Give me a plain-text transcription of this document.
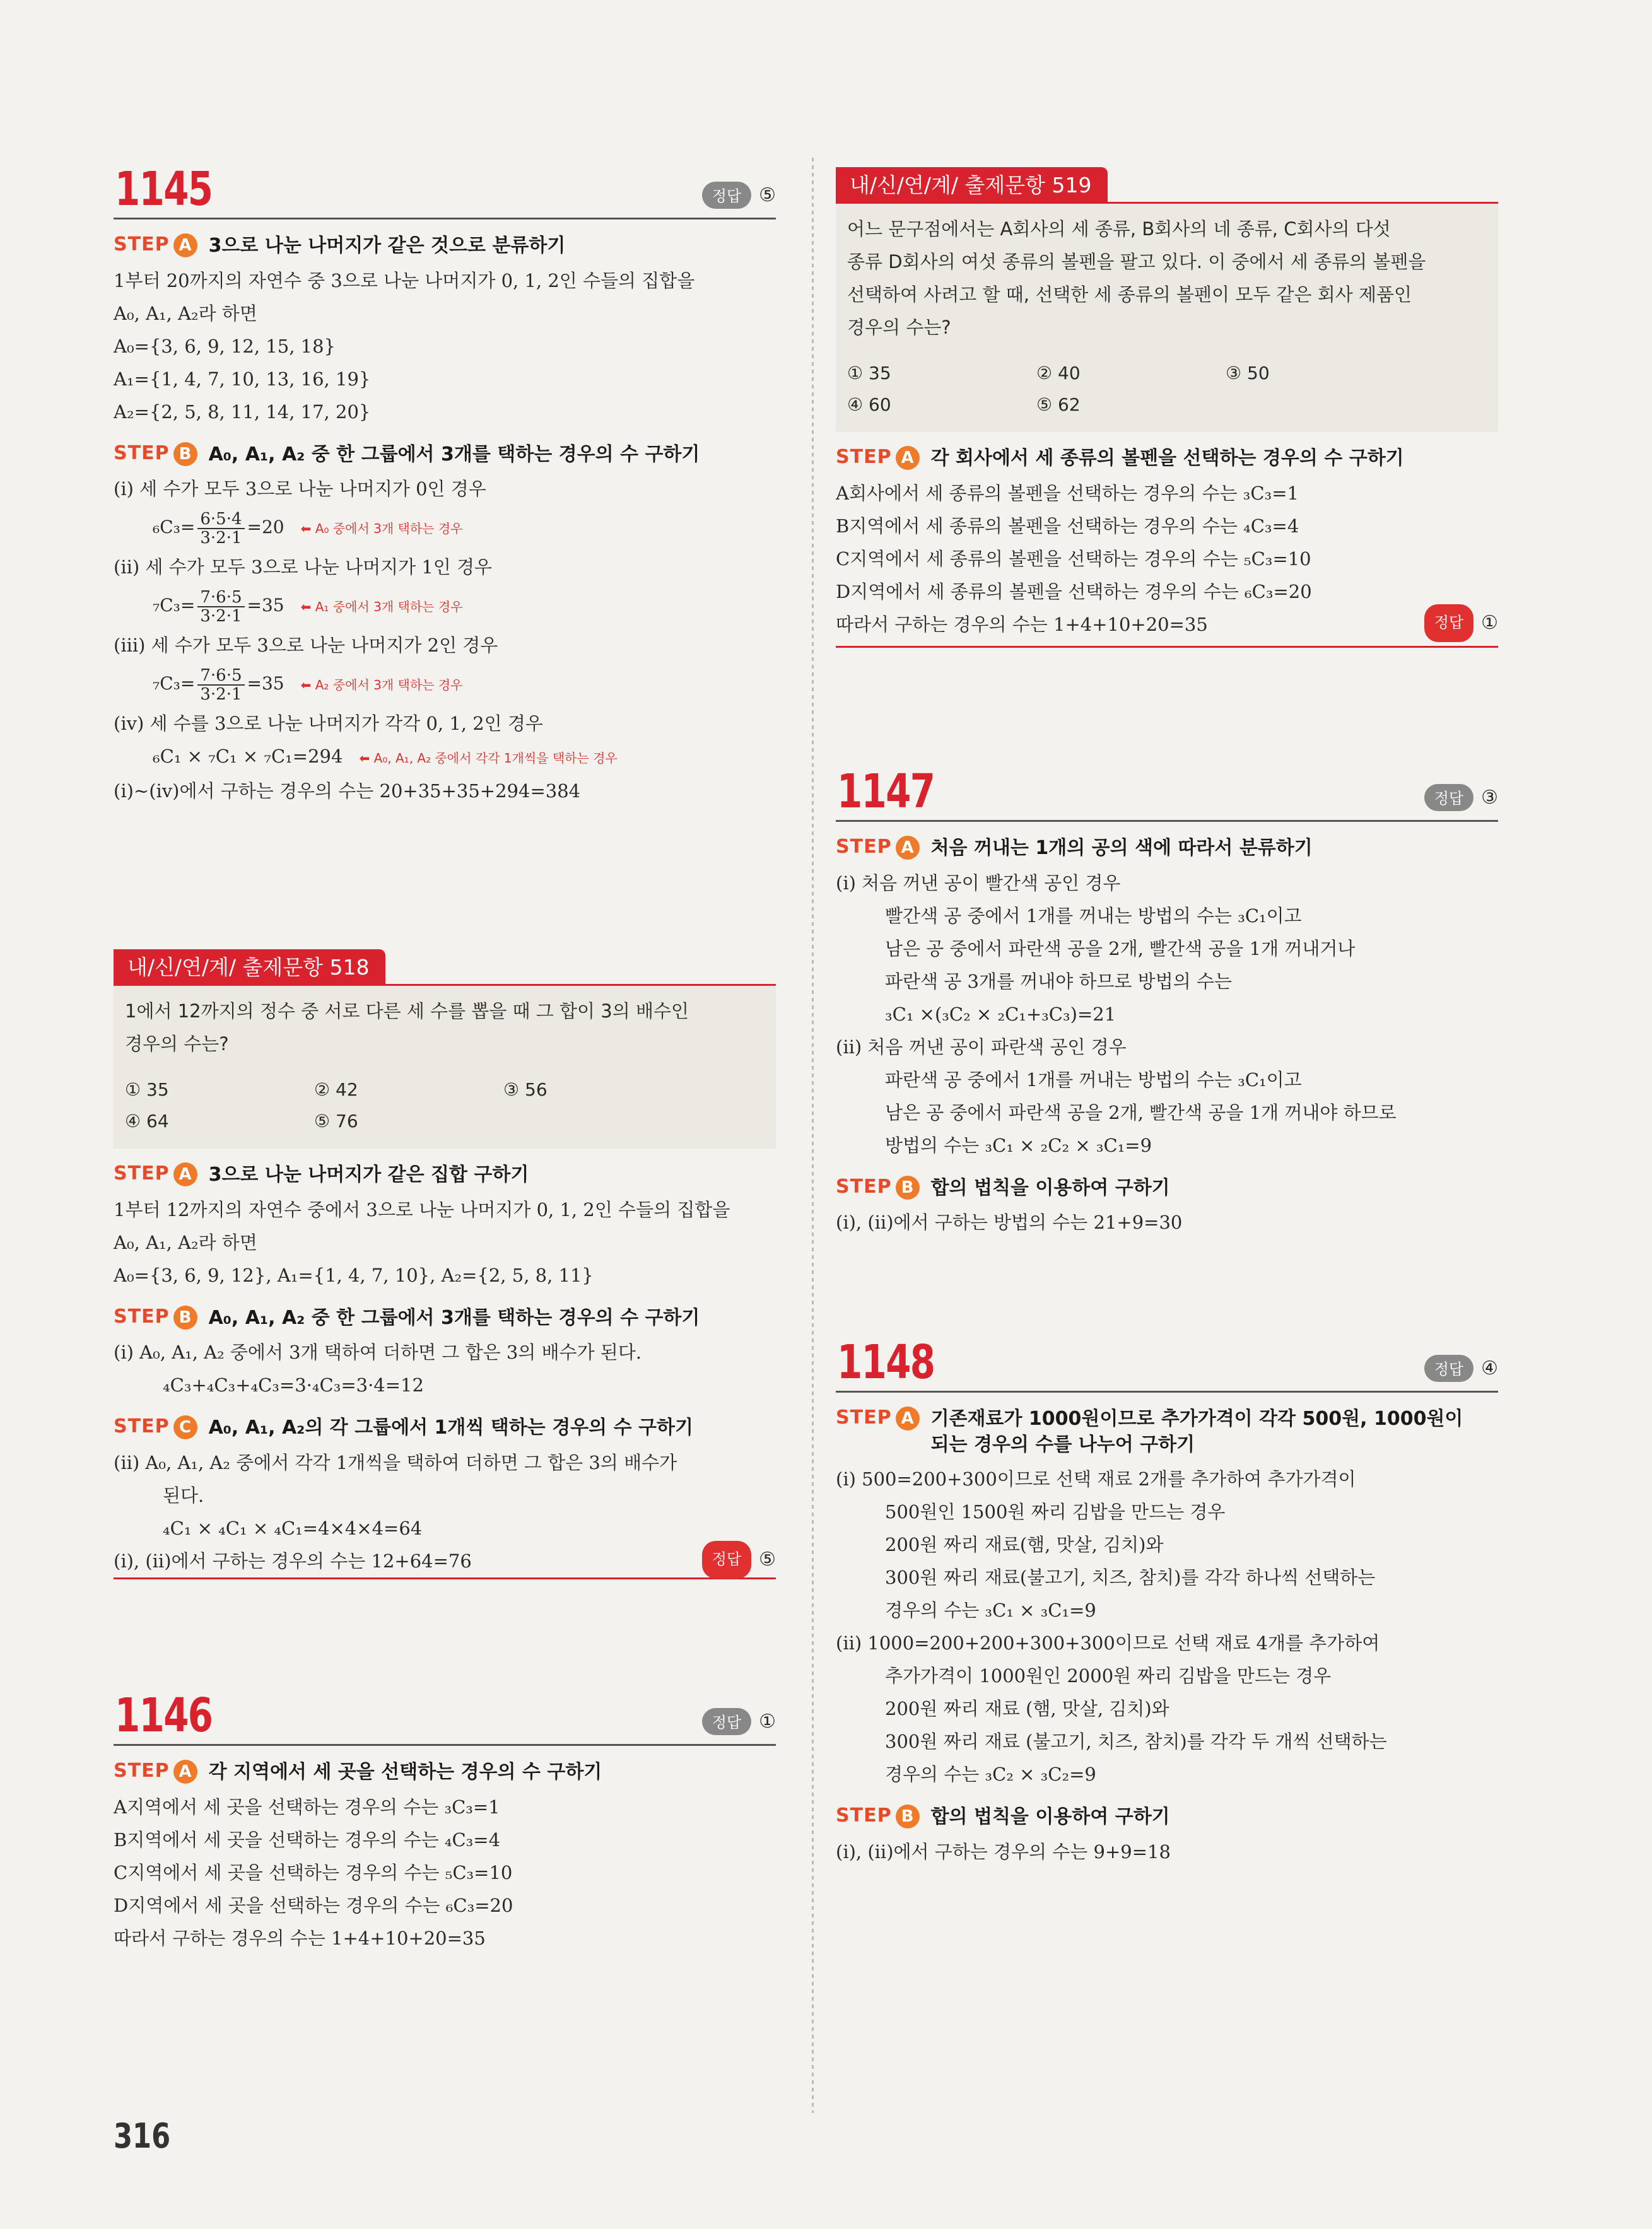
1145	정답 ⑤
STEP A 3으로 나눈 나머지가 같은 것으로 분류하기
1부터 20까지의 자연수 중 3으로 나눈 나머지가 0, 1, 2인 수들의 집합을
A₀, A₁, A₂라 하면
A₀={3, 6, 9, 12, 15, 18}
A₁={1, 4, 7, 10, 13, 16, 19}
A₂={2, 5, 8, 11, 14, 17, 20}
STEP B A₀, A₁, A₂ 중 한 그룹에서 3개를 택하는 경우의 수 구하기
(ⅰ) 세 수가 모두 3으로 나눈 나머지가 0인 경우
$_6C_3= \frac{6\cdot 5\cdot 4}{3\cdot 2\cdot 1}$ =20⬅ A₀ 중에서 3개 택하는 경우
(ⅱ) 세 수가 모두 3으로 나눈 나머지가 1인 경우
$_7C_3= \frac{7\cdot 6\cdot 5}{3\cdot 2\cdot 1}$ =35⬅ A₁ 중에서 3개 택하는 경우
(ⅲ) 세 수가 모두 3으로 나눈 나머지가 2인 경우
$_7C_3= \frac{7\cdot 6\cdot 5}{3\cdot 2\cdot 1}$ =35⬅ A₂ 중에서 3개 택하는 경우
(ⅳ) 세 수를 3으로 나눈 나머지가 각각 0, 1, 2인 경우
₆C₁ × ₇C₁ × ₇C₁=294⬅ A₀, A₁, A₂ 중에서 각각 1개씩을 택하는 경우
(ⅰ)~(ⅳ)에서 구하는 경우의 수는 20+35+35+294=384
내/신/연/계/ 출제문항 518
1에서 12까지의 정수 중 서로 다른 세 수를 뽑을 때 그 합이 3의 배수인
경우의 수는?
① 35	② 42	③ 56
④ 64	⑤ 76
STEP A 3으로 나눈 나머지가 같은 집합 구하기
1부터 12까지의 자연수 중에서 3으로 나눈 나머지가 0, 1, 2인 수들의 집합을
A₀, A₁, A₂라 하면
A₀={3, 6, 9, 12}, A₁={1, 4, 7, 10}, A₂={2, 5, 8, 11}
STEP B A₀, A₁, A₂ 중 한 그룹에서 3개를 택하는 경우의 수 구하기
(ⅰ) A₀, A₁, A₂ 중에서 3개 택하여 더하면 그 합은 3의 배수가 된다.
₄C₃+₄C₃+₄C₃=3·₄C₃=3·4=12
STEP C A₀, A₁, A₂의 각 그룹에서 1개씩 택하는 경우의 수 구하기
(ⅱ) A₀, A₁, A₂ 중에서 각각 1개씩을 택하여 더하면 그 합은 3의 배수가
된다.
₄C₁ × ₄C₁ × ₄C₁=4×4×4=64
(ⅰ), (ⅱ)에서 구하는 경우의 수는 12+64=76	정답 ⑤
1146	정답 ①
STEP A 각 지역에서 세 곳을 선택하는 경우의 수 구하기
A지역에서 세 곳을 선택하는 경우의 수는 ₃C₃=1
B지역에서 세 곳을 선택하는 경우의 수는 ₄C₃=4
C지역에서 세 곳을 선택하는 경우의 수는 ₅C₃=10
D지역에서 세 곳을 선택하는 경우의 수는 ₆C₃=20
따라서 구하는 경우의 수는 1+4+10+20=35
내/신/연/계/ 출제문항 519
어느 문구점에서는 A회사의 세 종류, B회사의 네 종류, C회사의 다섯
종류 D회사의 여섯 종류의 볼펜을 팔고 있다. 이 중에서 세 종류의 볼펜을
선택하여 사려고 할 때, 선택한 세 종류의 볼펜이 모두 같은 회사 제품인
경우의 수는?
① 35	② 40	③ 50
④ 60	⑤ 62
STEP A 각 회사에서 세 종류의 볼펜을 선택하는 경우의 수 구하기
A회사에서 세 종류의 볼펜을 선택하는 경우의 수는 ₃C₃=1
B지역에서 세 종류의 볼펜을 선택하는 경우의 수는 ₄C₃=4
C지역에서 세 종류의 볼펜을 선택하는 경우의 수는 ₅C₃=10
D지역에서 세 종류의 볼펜을 선택하는 경우의 수는 ₆C₃=20
따라서 구하는 경우의 수는 1+4+10+20=35	정답 ①
1147	정답 ③
STEP A 처음 꺼내는 1개의 공의 색에 따라서 분류하기
(ⅰ) 처음 꺼낸 공이 빨간색 공인 경우
빨간색 공 중에서 1개를 꺼내는 방법의 수는 ₃C₁이고
남은 공 중에서 파란색 공을 2개, 빨간색 공을 1개 꺼내거나
파란색 공 3개를 꺼내야 하므로 방법의 수는
₃C₁ ×(₃C₂ × ₂C₁+₃C₃)=21
(ⅱ) 처음 꺼낸 공이 파란색 공인 경우
파란색 공 중에서 1개를 꺼내는 방법의 수는 ₃C₁이고
남은 공 중에서 파란색 공을 2개, 빨간색 공을 1개 꺼내야 하므로
방법의 수는 ₃C₁ × ₂C₂ × ₃C₁=9
STEP B 합의 법칙을 이용하여 구하기
(ⅰ), (ⅱ)에서 구하는 방법의 수는 21+9=30
1148	정답 ④
STEP A 기존재료가 1000원이므로 추가가격이 각각 500원, 1000원이
되는 경우의 수를 나누어 구하기
(ⅰ) 500=200+300이므로 선택 재료 2개를 추가하여 추가가격이
500원인 1500원 짜리 김밥을 만드는 경우
200원 짜리 재료(햄, 맛살, 김치)와
300원 짜리 재료(불고기, 치즈, 참치)를 각각 하나씩 선택하는
경우의 수는 ₃C₁ × ₃C₁=9
(ⅱ) 1000=200+200+300+300이므로 선택 재료 4개를 추가하여
추가가격이 1000원인 2000원 짜리 김밥을 만드는 경우
200원 짜리 재료 (햄, 맛살, 김치)와
300원 짜리 재료 (불고기, 치즈, 참치)를 각각 두 개씩 선택하는
경우의 수는 ₃C₂ × ₃C₂=9
STEP B 합의 법칙을 이용하여 구하기
(ⅰ), (ⅱ)에서 구하는 경우의 수는 9+9=18
316
